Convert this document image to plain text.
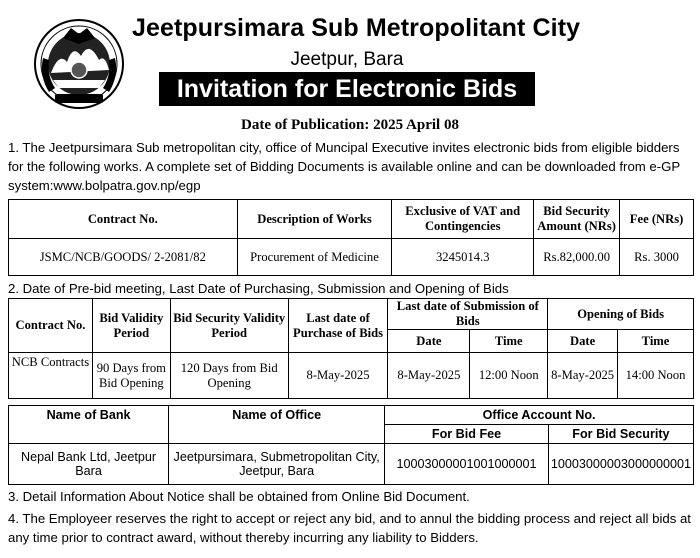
Jeetpursimara Sub Metropolitant City
Jeetpur, Bara
Invitation for Electronic Bids
Date of Publication: 2025 April 08
1. The Jeetpursimara Sub metropolitan city, office of Muncipal Executive invites electronic bids from eligible bidders for the following works. A complete set of Bidding Documents is available online and can be downloaded from e-GP system:www.bolpatra.gov.np/egp
Contract No.	Description of Works	Exclusive of VAT and Contingencies	Bid Security Amount (NRs)	Fee (NRs)
JSMC/NCB/GOODS/ 2-2081/82	Procurement of Medicine	3245014.3	Rs.82,000.00	Rs. 3000
2. Date of Pre-bid meeting, Last Date of Purchasing, Submission and Opening of Bids
Contract No.	Bid Validity Period	Bid Security Validity Period	Last date of Purchase of Bids	Last date of Submission of Bids		Opening of Bids	
				Date	Time	Date	Time
NCB Contracts	90 Days from Bid Opening	120 Days from Bid Opening	8-May-2025	8-May-2025	12:00 Noon	8-May-2025	14:00 Noon
Name of Bank	Name of Office	Office Account No.	
		For Bid Fee	For Bid Security
Nepal Bank Ltd, Jeetpur Bara	Jeetpursimara, Submetropolitan City, Jeetpur, Bara	10003000001001000001	10003000003000000001
3. Detail Information About Notice shall be obtained from Online Bid Document.
4. The Employeer reserves the right to accept or reject any bid, and to annul the bidding process and reject all bids at any time prior to contract award, without thereby incurring any liability to Bidders.
